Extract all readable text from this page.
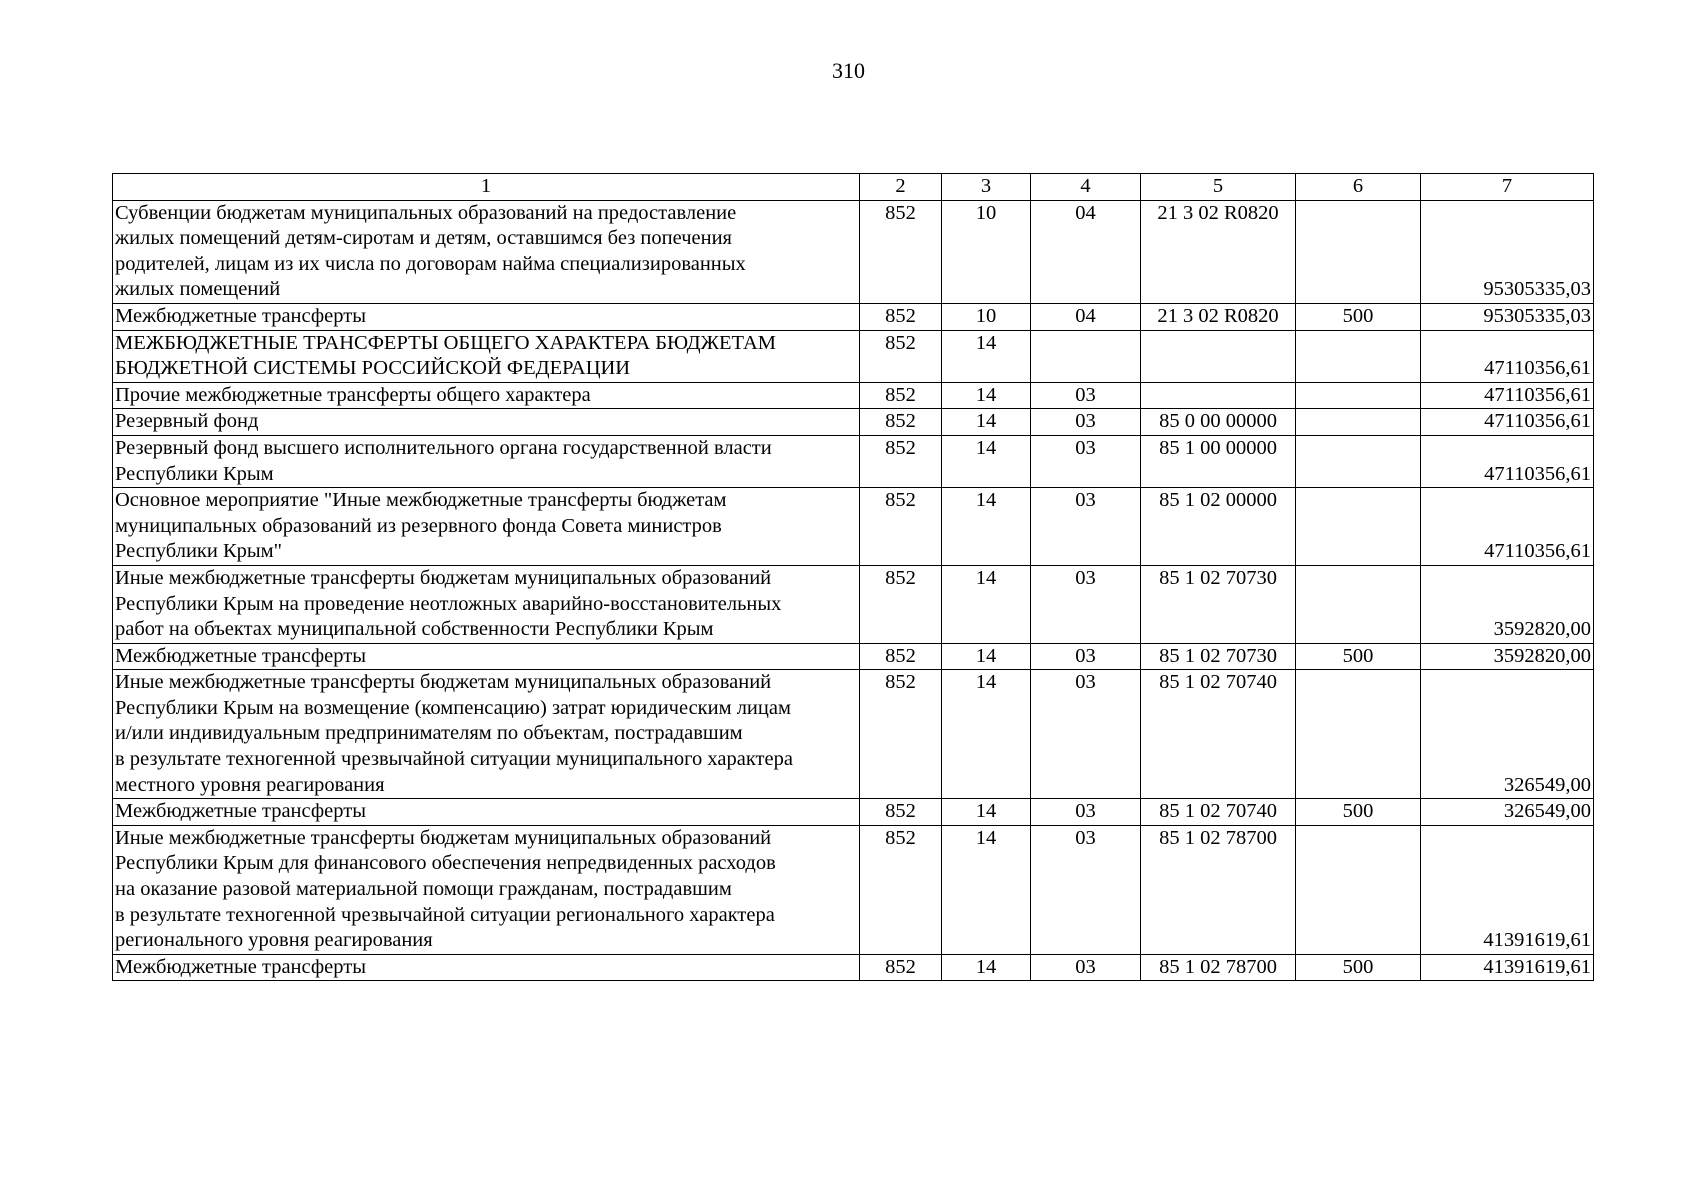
310
1	2	3	4	5	6	7
Субвенции бюджетам муниципальных образований на предоставление
жилых помещений детям-сиротам и детям, оставшимся без попечения
родителей, лицам из их числа по договорам найма специализированных
жилых помещений	852	10	04	21 3 02 R0820		95305335,03
Межбюджетные трансферты	852	10	04	21 3 02 R0820	500	95305335,03
МЕЖБЮДЖЕТНЫЕ ТРАНСФЕРТЫ ОБЩЕГО ХАРАКТЕРА БЮДЖЕТАМ
БЮДЖЕТНОЙ СИСТЕМЫ РОССИЙСКОЙ ФЕДЕРАЦИИ	852	14				47110356,61
Прочие межбюджетные трансферты общего характера	852	14	03			47110356,61
Резервный фонд	852	14	03	85 0 00 00000		47110356,61
Резервный фонд высшего исполнительного органа государственной власти
Республики Крым	852	14	03	85 1 00 00000		47110356,61
Основное мероприятие "Иные межбюджетные трансферты бюджетам
муниципальных образований из резервного фонда Совета министров
Республики Крым"	852	14	03	85 1 02 00000		47110356,61
Иные межбюджетные трансферты бюджетам муниципальных образований
Республики Крым на проведение неотложных аварийно-восстановительных
работ на объектах муниципальной собственности Республики Крым	852	14	03	85 1 02 70730		3592820,00
Межбюджетные трансферты	852	14	03	85 1 02 70730	500	3592820,00
Иные межбюджетные трансферты бюджетам муниципальных образований
Республики Крым на возмещение (компенсацию) затрат юридическим лицам
и/или индивидуальным предпринимателям по объектам, пострадавшим
в результате техногенной чрезвычайной ситуации муниципального характера
местного уровня реагирования	852	14	03	85 1 02 70740		326549,00
Межбюджетные трансферты	852	14	03	85 1 02 70740	500	326549,00
Иные межбюджетные трансферты бюджетам муниципальных образований
Республики Крым для финансового обеспечения непредвиденных расходов
на оказание разовой материальной помощи гражданам, пострадавшим
в результате техногенной чрезвычайной ситуации регионального характера
регионального уровня реагирования	852	14	03	85 1 02 78700		41391619,61
Межбюджетные трансферты	852	14	03	85 1 02 78700	500	41391619,61
